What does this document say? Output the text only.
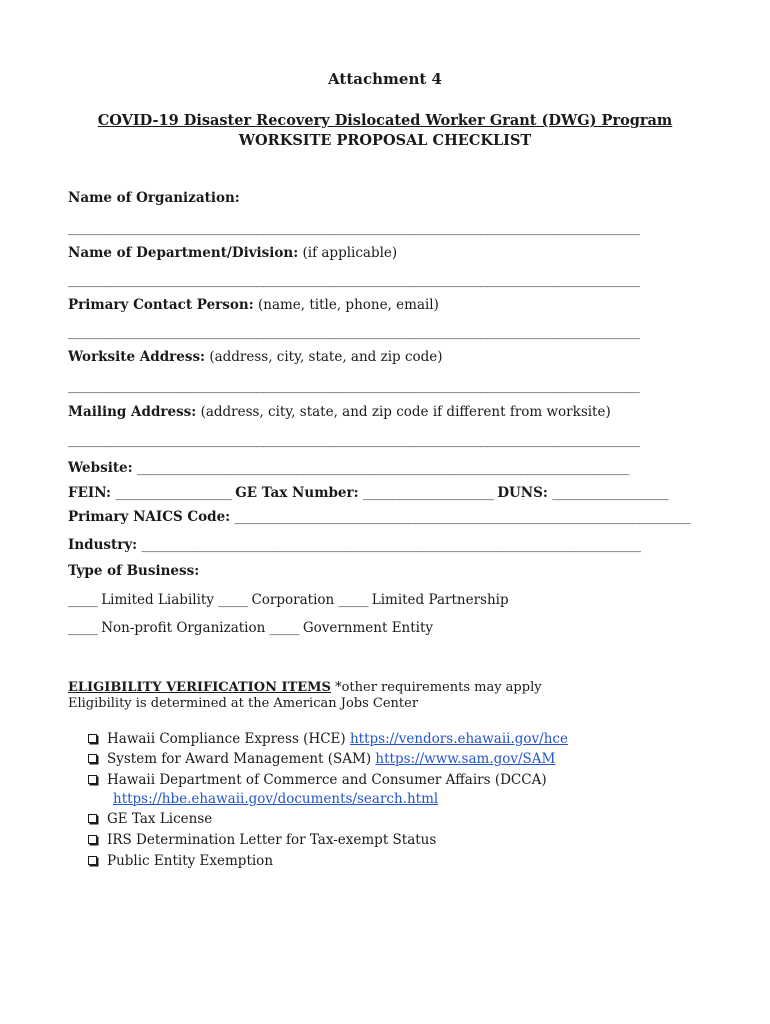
Attachment 4
COVID-19 Disaster Recovery Dislocated Worker Grant (DWG) Program
WORKSITE PROPOSAL CHECKLIST
Name of Organization:
_______________________________________________________________________________
Name of Department/Division: (if applicable)
_______________________________________________________________________________
Primary Contact Person: (name, title, phone, email)
_______________________________________________________________________________
Worksite Address: (address, city, state, and zip code)
_______________________________________________________________________________
Mailing Address: (address, city, state, and zip code if different from worksite)
_______________________________________________________________________________
Website: ____________________________________________________________________
FEIN: ________________ GE Tax Number: __________________ DUNS: ________________
Primary NAICS Code: _______________________________________________________________
Industry: _____________________________________________________________________
Type of Business:
____ Limited Liability ____ Corporation ____ Limited Partnership
____ Non-profit Organization ____ Government Entity
ELIGIBILITY VERIFICATION ITEMS *other requirements may apply
Eligibility is determined at the American Jobs Center
Hawaii Compliance Express (HCE) https://vendors.ehawaii.gov/hce
System for Award Management (SAM) https://www.sam.gov/SAM
Hawaii Department of Commerce and Consumer Affairs (DCCA)
https://hbe.ehawaii.gov/documents/search.html
GE Tax License
IRS Determination Letter for Tax-exempt Status
Public Entity Exemption
